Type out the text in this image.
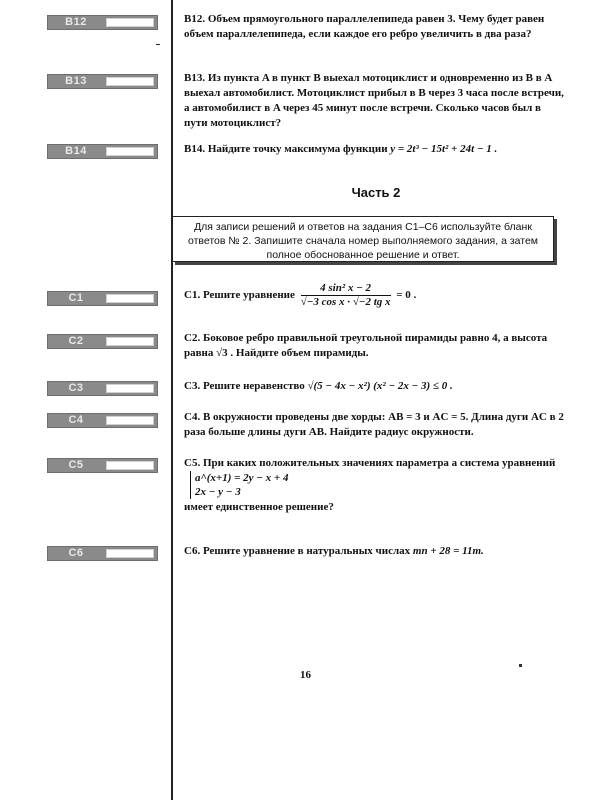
В12	В12. Объем прямоугольного параллелепипеда равен 3. Чему будет равен объем параллелепипеда, если каждое его ребро увеличить в два раза?
В13	В13. Из пункта A в пункт B выехал мотоциклист и одновременно из B в A выехал автомобилист. Мотоциклист прибыл в B через 3 часа после встречи, а автомобилист в A через 45 минут после встречи. Сколько часов был в пути мотоциклист?
В14	В14. Найдите точку максимума функции y = 2t³ − 15t² + 24t − 1 .
Часть 2
Для записи решений и ответов на задания С1–С6 используйте бланк ответов № 2. Запишите сначала номер выполняемого задания, а затем полное обоснованное решение и ответ.
С1	С1. Решите уравнение $\frac{\text{4 sin² x − 2}}{\text{√−3 cos x · √−2 tg x}} = 0$ .
С2	С2. Боковое ребро правильной треугольной пирамиды равно 4, а высота равна √3 . Найдите объем пирамиды.
С3	С3. Решите неравенство √(5 − 4x − x²) (x² − 2x − 3) ≤ 0 .
С4	С4. В окружности проведены две хорды: AB = 3 и AC = 5. Длина дуги AC в 2 раза больше длины дуги AB. Найдите радиус окружности.
С5	С5. При каких положительных значениях параметра a система уравнений
a^(x+1) = 2y − x + 4
2x − y − 3
имеет единственное решение?
С6	С6. Решите уравнение в натуральных числах mn + 28 = 11m.
16
